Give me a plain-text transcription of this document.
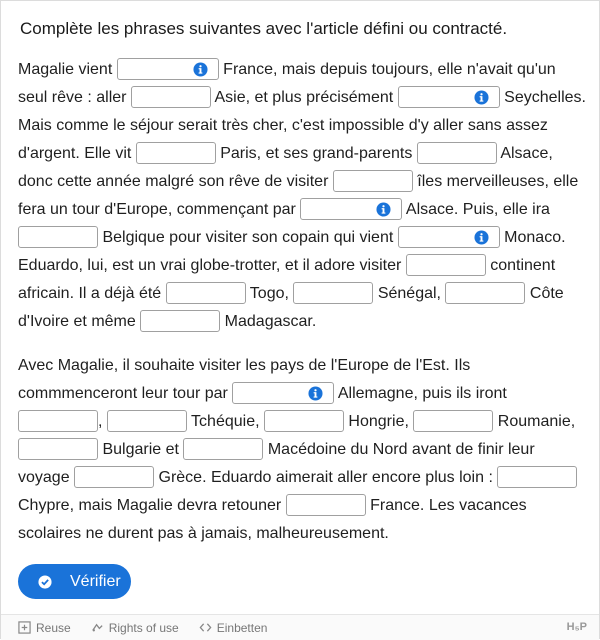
Complète les phrases suivantes avec l'article défini ou contracté.

Magalie vient	France, mais depuis toujours, elle n'avait qu'un seul rêve : aller	Asie, et plus précisément	Seychelles. Mais comme le séjour serait très cher, c'est impossible d'y aller sans assez d'argent. Elle vit	Paris, et ses grand-parents	Alsace, donc cette année malgré son rêve de visiter	îles merveilleuses, elle fera un tour d'Europe, commençant par	Alsace. Puis, elle ira  Belgique pour visiter son copain qui vient	Monaco. Eduardo, lui, est un vrai globe-trotter, et il adore visiter	continent africain. Il a déjà été	Togo,	Sénégal,	Côte d'Ivoire et même	Madagascar.

Avec Magalie, il souhaite visiter les pays de l'Europe de l'Est. Ils commmenceront leur tour par	Allemagne, puis ils iront ,	Tchéquie,	Hongrie,	Roumanie,  Bulgarie et	Macédoine du Nord avant de finir leur voyage	Grèce. Eduardo aimerait aller encore plus loin :  Chypre, mais Magalie devra retouner	France. Les vacances scolaires ne durent pas à jamais, malheureusement.

Vérifier
Reuse	Rights of use	Einbetten	H₅P
